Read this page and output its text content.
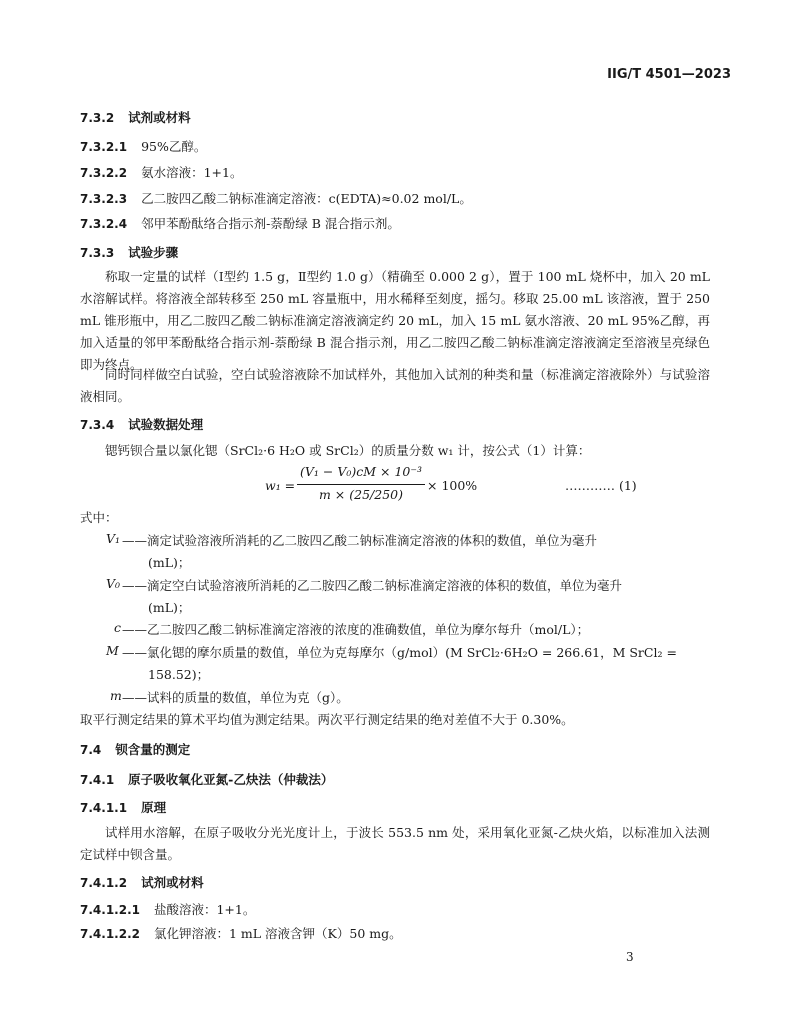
IIG/T 4501—2023
7.3.2 试剂或材料
7.3.2.1 95%乙醇。
7.3.2.2 氨水溶液：1+1。
7.3.2.3 乙二胺四乙酸二钠标准滴定溶液：c(EDTA)≈0.02 mol/L。
7.3.2.4 邻甲苯酚酞络合指示剂-萘酚绿 B 混合指示剂。
7.3.3 试验步骤
称取一定量的试样（Ⅰ型约 1.5 g，Ⅱ型约 1.0 g）（精确至 0.000 2 g），置于 100 mL 烧杯中，加入 20 mL 水溶解试样。将溶液全部转移至 250 mL 容量瓶中，用水稀释至刻度，摇匀。移取 25.00 mL 该溶液，置于 250 mL 锥形瓶中，用乙二胺四乙酸二钠标准滴定溶液滴定约 20 mL，加入 15 mL 氨水溶液、20 mL 95%乙醇，再加入适量的邻甲苯酚酞络合指示剂-萘酚绿 B 混合指示剂，用乙二胺四乙酸二钠标准滴定溶液滴定至溶液呈亮绿色即为终点。
同时同样做空白试验，空白试验溶液除不加试样外，其他加入试剂的种类和量（标准滴定溶液除外）与试验溶液相同。
7.3.4 试验数据处理
锶钙钡合量以氯化锶（SrCl₂·6 H₂O 或 SrCl₂）的质量分数 w₁ 计，按公式（1）计算：
w₁ =
(V₁ − V₀)cM × 10⁻³
m × (25/250)
× 100%	………… (1)
式中：
V₁ ——滴定试验溶液所消耗的乙二胺四乙酸二钠标准滴定溶液的体积的数值，单位为毫升
(mL)；
V₀ ——滴定空白试验溶液所消耗的乙二胺四乙酸二钠标准滴定溶液的体积的数值，单位为毫升
(mL)；
c ——乙二胺四乙酸二钠标准滴定溶液的浓度的准确数值，单位为摩尔每升（mol/L）；
M ——氯化锶的摩尔质量的数值，单位为克每摩尔（g/mol）(M SrCl₂·6H₂O = 266.61，M SrCl₂ =
158.52)；
m ——试料的质量的数值，单位为克（g）。
取平行测定结果的算术平均值为测定结果。两次平行测定结果的绝对差值不大于 0.30%。
7.4 钡含量的测定
7.4.1 原子吸收氧化亚氮-乙炔法（仲裁法）
7.4.1.1 原理
试样用水溶解，在原子吸收分光光度计上，于波长 553.5 nm 处，采用氧化亚氮-乙炔火焰，以标准加入法测定试样中钡含量。
7.4.1.2 试剂或材料
7.4.1.2.1 盐酸溶液：1+1。
7.4.1.2.2 氯化钾溶液：1 mL 溶液含钾（K）50 mg。
3
